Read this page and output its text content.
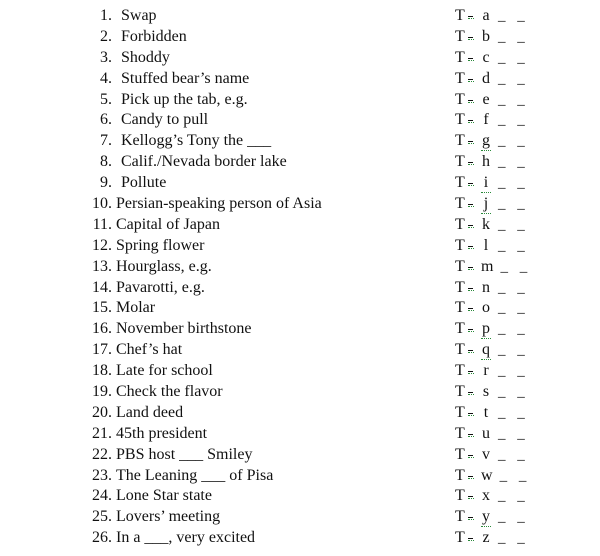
1. Swap	T a _ _
2. Forbidden	T b _ _
3. Shoddy	T c _ _
4. Stuffed bear’s name	T d _ _
5. Pick up the tab, e.g.	T e _ _
6. Candy to pull	T f _ _
7. Kellogg’s Tony the ___	T g _ _
8. Calif./Nevada border lake	T h _ _
9. Pollute	T i _ _
10. Persian-speaking person of Asia	T j _ _
11. Capital of Japan	T k _ _
12. Spring flower	T l _ _
13. Hourglass, e.g.	T m _ _
14. Pavarotti, e.g.	T n _ _
15. Molar	T o _ _
16. November birthstone	T p _ _
17. Chef’s hat	T q _ _
18. Late for school	T r _ _
19. Check the flavor	T s _ _
20. Land deed	T t _ _
21. 45th president	T u _ _
22. PBS host ___ Smiley	T v _ _
23. The Leaning ___ of Pisa	T w _ _
24. Lone Star state	T x _ _
25. Lovers’ meeting	T y _ _
26. In a ___, very excited	T z _ _
